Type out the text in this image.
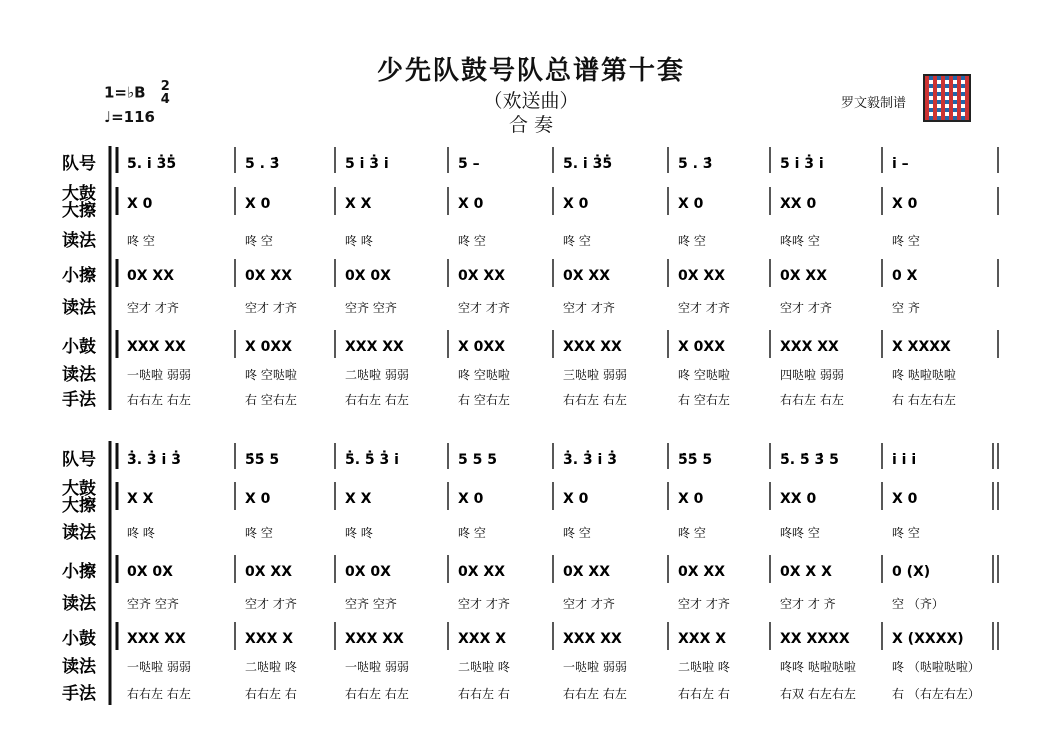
少先队鼓号队总谱第十套
（欢送曲）
合 奏
1=♭B 2
4
♩=116
罗文毅制谱
队号 5. i 3̇5̇	5 . 3̇	5 i 3̇ i	5 –	5. i 3̇5̇	5 . 3̇	5 i 3̇ i	i –
大鼓
大擦 X 0	X 0	X X	X 0	X 0	X 0	XX 0	X 0
读法	咚 空	咚 空	咚 咚	咚 空	咚 空	咚 空	咚咚 空	咚 空
小擦 0X XX	0X XX	0X 0X	0X XX	0X XX	0X XX	0X XX	0 X
读法	空才 才齐	空才 才齐	空齐 空齐	空才 才齐	空才 才齐	空才 才齐	空才 才齐	空 齐
小鼓 XXX XX	X 0XX	XXX XX	X 0XX	XXX XX	X 0XX	XXX XX	X XXXX
读法	一哒啦 弱弱	咚 空哒啦	二哒啦 弱弱	咚 空哒啦	三哒啦 弱弱	咚 空哒啦	四哒啦 弱弱	咚 哒啦哒啦
手法	右右左 右左	右 空右左	右右左 右左	右 空右左	右右左 右左	右 空右左	右右左 右左	右 右左右左
队号 3̇. 3̇ i 3̇	5̇5̇ 5	5̇. 5̇ 3̇ i	5 5 5	3̇. 3̇ i 3̇	5̇5̇ 5	5̇. 5̇ 3̇ 5	i i i
大鼓
大擦 X X	X 0	X X	X 0	X 0	X 0	XX 0	X 0
读法	咚 咚	咚 空	咚 咚	咚 空	咚 空	咚 空	咚咚 空	咚 空
小擦 0X 0X	0X XX	0X 0X	0X XX	0X XX	0X XX	0X X X	0 (X)
读法	空齐 空齐	空才 才齐	空齐 空齐	空才 才齐	空才 才齐	空才 才齐	空才 才 齐	空 （齐）
小鼓 XXX XX	XXX X	XXX XX	XXX X	XXX XX	XXX X	XX XXXX	X (XXXX)
读法	一哒啦 弱弱	二哒啦 咚	一哒啦 弱弱	二哒啦 咚	一哒啦 弱弱	二哒啦 咚	咚咚 哒啦哒啦	咚 （哒啦哒啦）
手法	右右左 右左	右右左 右	右右左 右左	右右左 右	右右左 右左	右右左 右	右双 右左右左	右 （右左右左）
